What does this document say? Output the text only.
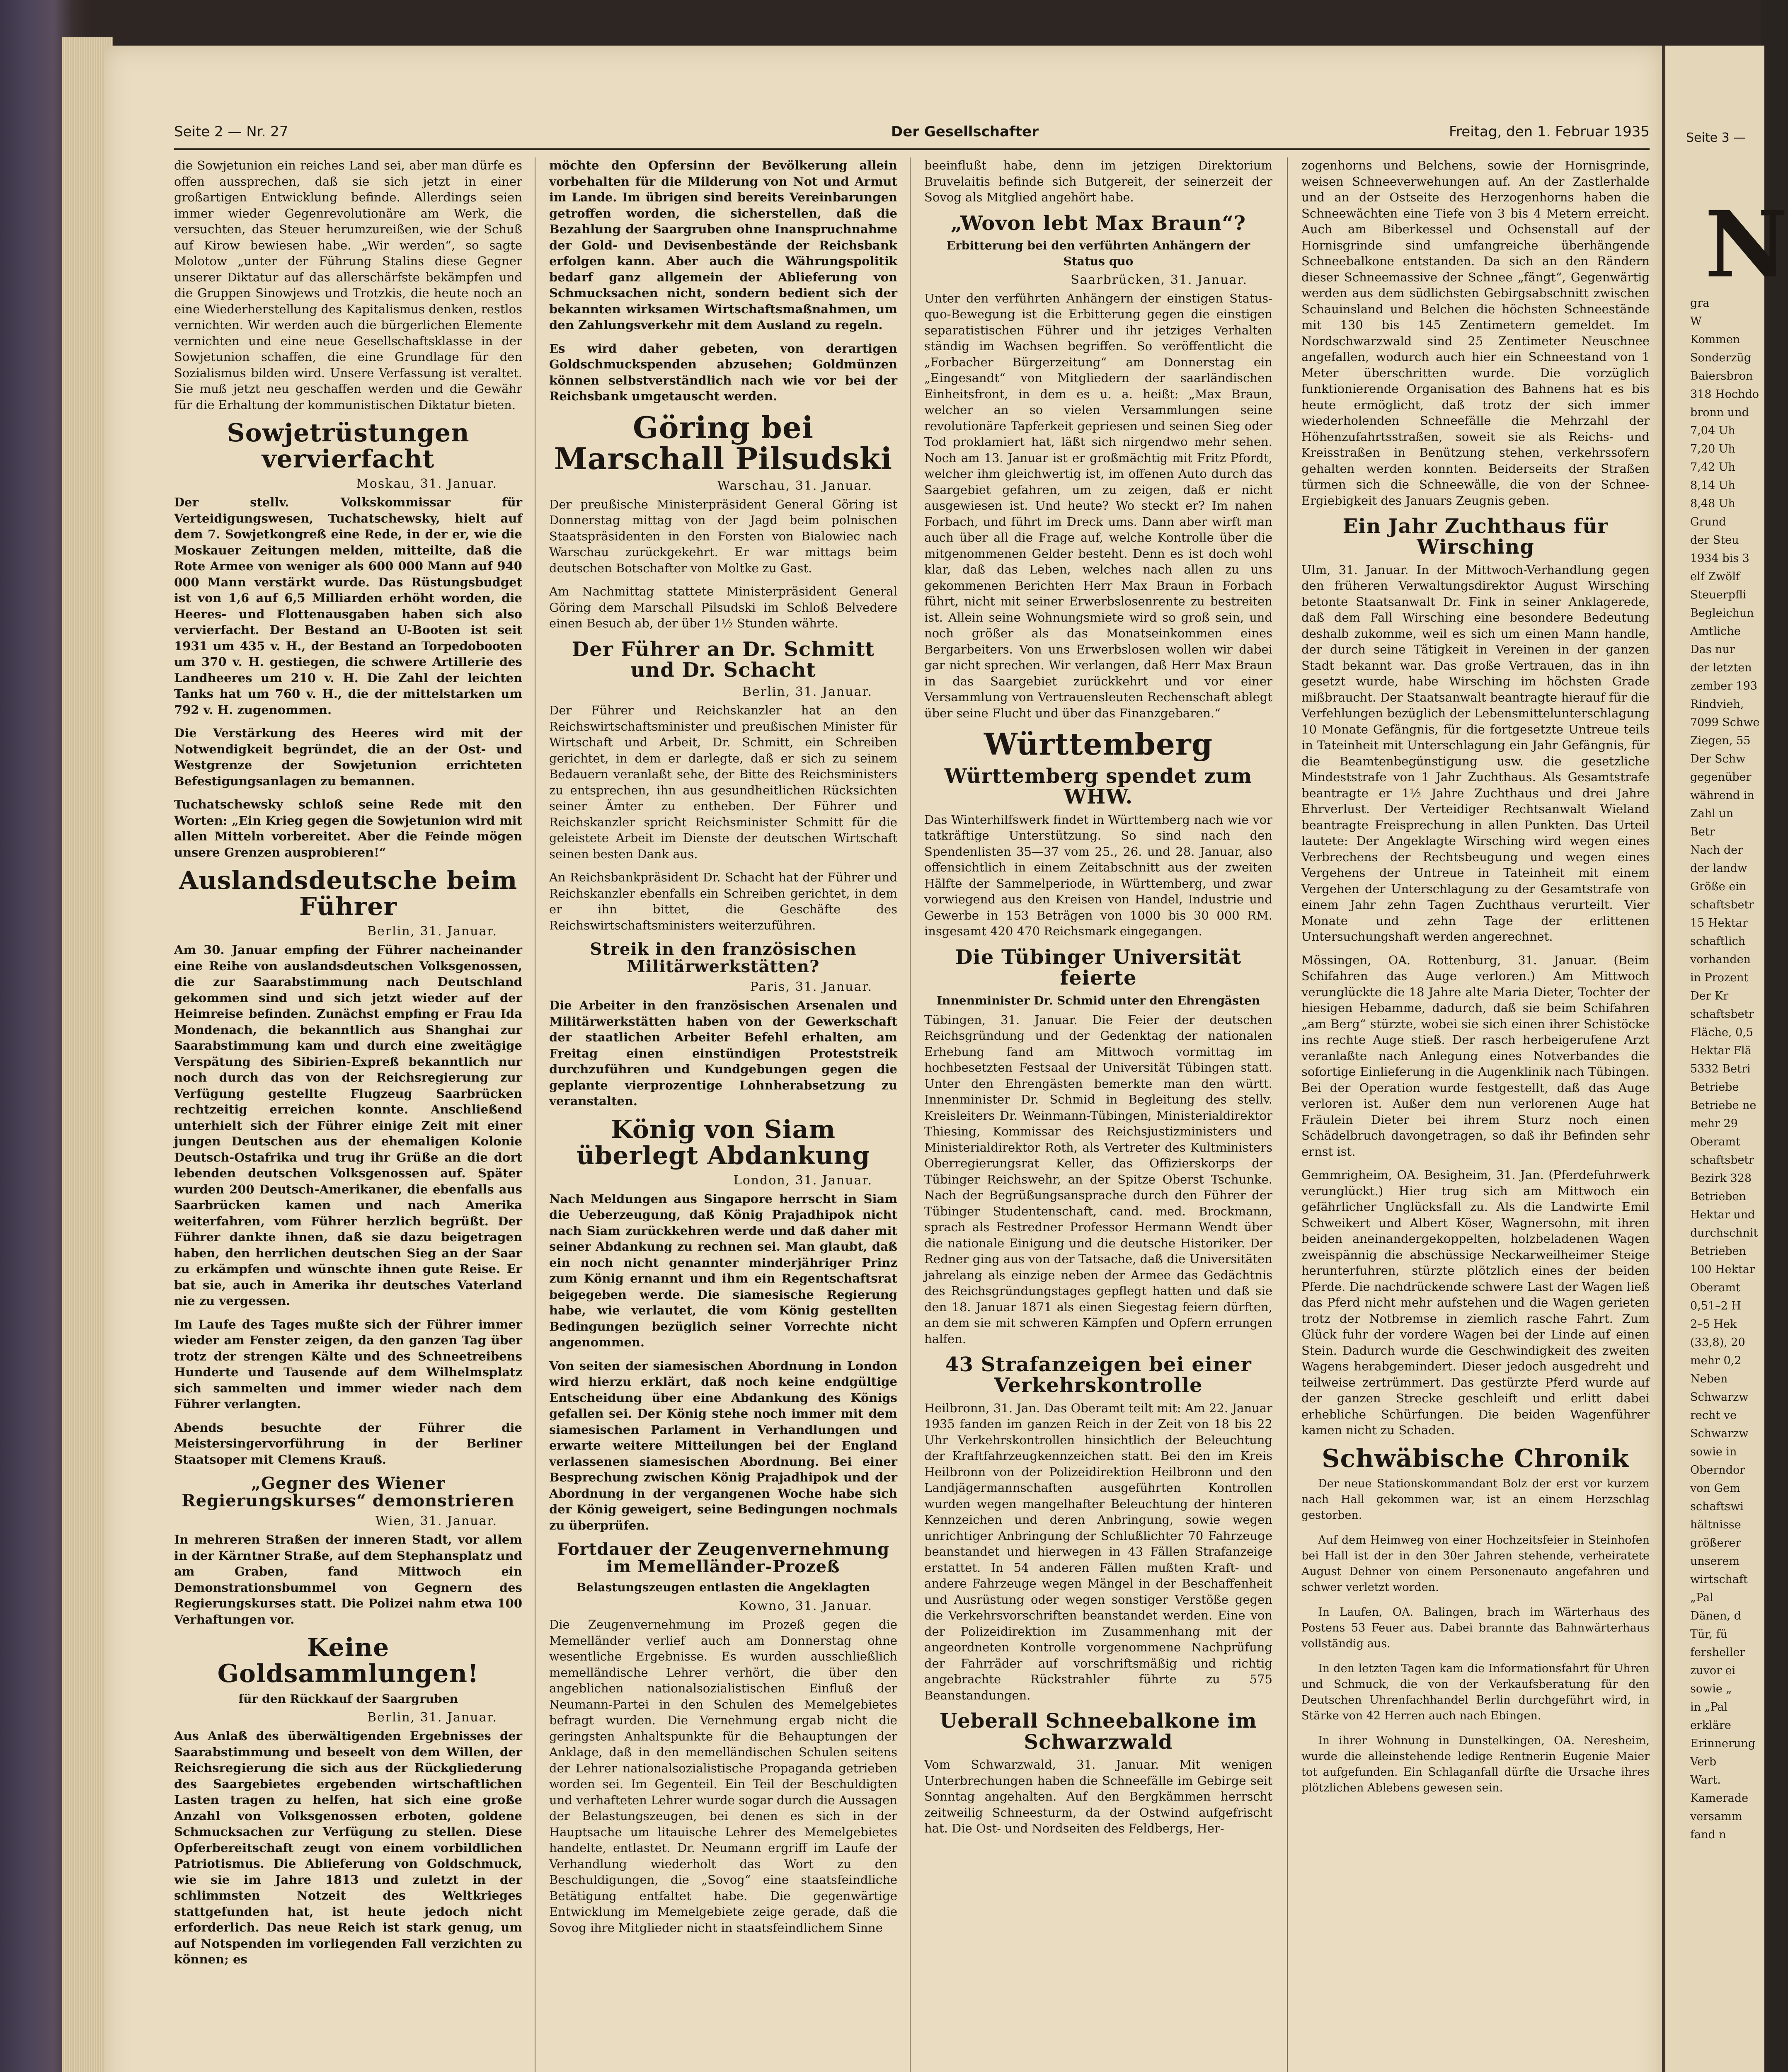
Seite 2 — Nr. 27	Der Gesellschafter	Freitag, den 1. Februar 1935
die Sowjetunion ein reiches Land sei, aber man dürfe es offen aussprechen, daß sie sich jetzt in einer großartigen Entwicklung befinde. Allerdings seien immer wieder Gegenrevolutionäre am Werk, die versuchten, das Steuer herumzureißen, wie der Schuß auf Kirow bewiesen habe. „Wir werden“, so sagte Molotow „unter der Führung Stalins diese Gegner unserer Diktatur auf das allerschärfste bekämpfen und die Gruppen Sinowjews und Trotzkis, die heute noch an eine Wiederherstellung des Kapitalismus denken, restlos vernichten. Wir werden auch die bürgerlichen Elemente vernichten und eine neue Gesellschaftsklasse in der Sowjetunion schaffen, die eine Grundlage für den Sozialismus bilden wird. Unsere Verfassung ist veraltet. Sie muß jetzt neu geschaffen werden und die Gewähr für die Erhaltung der kommunistischen Diktatur bieten.
Sowjetrüstungen vervierfacht
Moskau, 31. Januar.
Der stellv. Volkskommissar für Verteidigungswesen, Tuchatschewsky, hielt auf dem 7. Sowjetkongreß eine Rede, in der er, wie die Moskauer Zeitungen melden, mitteilte, daß die Rote Armee von weniger als 600 000 Mann auf 940 000 Mann verstärkt wurde. Das Rüstungsbudget ist von 1,6 auf 6,5 Milliarden erhöht worden, die Heeres- und Flottenausgaben haben sich also vervierfacht. Der Bestand an U-Booten ist seit 1931 um 435 v. H., der Bestand an Torpedobooten um 370 v. H. gestiegen, die schwere Artillerie des Landheeres um 210 v. H. Die Zahl der leichten Tanks hat um 760 v. H., die der mittelstarken um 792 v. H. zugenommen.
Die Verstärkung des Heeres wird mit der Notwendigkeit begründet, die an der Ost- und Westgrenze der Sowjetunion errichteten Befestigungsanlagen zu bemannen.
Tuchatschewsky schloß seine Rede mit den Worten: „Ein Krieg gegen die Sowjetunion wird mit allen Mitteln vorbereitet. Aber die Feinde mögen unsere Grenzen ausprobieren!“
Auslandsdeutsche beim Führer
Berlin, 31. Januar.
Am 30. Januar empfing der Führer nacheinander eine Reihe von auslandsdeutschen Volksgenossen, die zur Saarabstimmung nach Deutschland gekommen sind und sich jetzt wieder auf der Heimreise befinden. Zunächst empfing er Frau Ida Mondenach, die bekanntlich aus Shanghai zur Saarabstimmung kam und durch eine zweitägige Verspätung des Sibirien-Expreß bekanntlich nur noch durch das von der Reichsregierung zur Verfügung gestellte Flugzeug Saarbrücken rechtzeitig erreichen konnte. Anschließend unterhielt sich der Führer einige Zeit mit einer jungen Deutschen aus der ehemaligen Kolonie Deutsch-Ostafrika und trug ihr Grüße an die dort lebenden deutschen Volksgenossen auf. Später wurden 200 Deutsch-Amerikaner, die ebenfalls aus Saarbrücken kamen und nach Amerika weiterfahren, vom Führer herzlich begrüßt. Der Führer dankte ihnen, daß sie dazu beigetragen haben, den herrlichen deutschen Sieg an der Saar zu erkämpfen und wünschte ihnen gute Reise. Er bat sie, auch in Amerika ihr deutsches Vaterland nie zu vergessen.
Im Laufe des Tages mußte sich der Führer immer wieder am Fenster zeigen, da den ganzen Tag über trotz der strengen Kälte und des Schneetreibens Hunderte und Tausende auf dem Wilhelmsplatz sich sammelten und immer wieder nach dem Führer verlangten.
Abends besuchte der Führer die Meistersingervorführung in der Berliner Staatsoper mit Clemens Krauß.
„Gegner des Wiener Regierungskurses“ demonstrieren
Wien, 31. Januar.
In mehreren Straßen der inneren Stadt, vor allem in der Kärntner Straße, auf dem Stephansplatz und am Graben, fand Mittwoch ein Demonstrationsbummel von Gegnern des Regierungskurses statt. Die Polizei nahm etwa 100 Verhaftungen vor.
Keine Goldsammlungen!
für den Rückkauf der Saargruben
Berlin, 31. Januar.
Aus Anlaß des überwältigenden Ergebnisses der Saarabstimmung und beseelt von dem Willen, der Reichsregierung die sich aus der Rückgliederung des Saargebietes ergebenden wirtschaftlichen Lasten tragen zu helfen, hat sich eine große Anzahl von Volksgenossen erboten, goldene Schmucksachen zur Verfügung zu stellen. Diese Opferbereitschaft zeugt von einem vorbildlichen Patriotismus. Die Ablieferung von Goldschmuck, wie sie im Jahre 1813 und zuletzt in der schlimmsten Notzeit des Weltkrieges stattgefunden hat, ist heute jedoch nicht erforderlich. Das neue Reich ist stark genug, um auf Notspenden im vorliegenden Fall verzichten zu können; es
möchte den Opfersinn der Bevölkerung allein vorbehalten für die Milderung von Not und Armut im Lande. Im übrigen sind bereits Vereinbarungen getroffen worden, die sicherstellen, daß die Bezahlung der Saargruben ohne Inanspruchnahme der Gold- und Devisenbestände der Reichsbank erfolgen kann. Aber auch die Währungspolitik bedarf ganz allgemein der Ablieferung von Schmucksachen nicht, sondern bedient sich der bekannten wirksamen Wirtschaftsmaßnahmen, um den Zahlungsverkehr mit dem Ausland zu regeln.
Es wird daher gebeten, von derartigen Goldschmuckspenden abzusehen; Goldmünzen können selbstverständlich nach wie vor bei der Reichsbank umgetauscht werden.
Göring bei Marschall Pilsudski
Warschau, 31. Januar.
Der preußische Ministerpräsident General Göring ist Donnerstag mittag von der Jagd beim polnischen Staatspräsidenten in den Forsten von Bialowiec nach Warschau zurückgekehrt. Er war mittags beim deutschen Botschafter von Moltke zu Gast.
Am Nachmittag stattete Ministerpräsident General Göring dem Marschall Pilsudski im Schloß Belvedere einen Besuch ab, der über 1½ Stunden währte.
Der Führer an Dr. Schmitt und Dr. Schacht
Berlin, 31. Januar.
Der Führer und Reichskanzler hat an den Reichswirtschaftsminister und preußischen Minister für Wirtschaft und Arbeit, Dr. Schmitt, ein Schreiben gerichtet, in dem er darlegte, daß er sich zu seinem Bedauern veranlaßt sehe, der Bitte des Reichsministers zu entsprechen, ihn aus gesundheitlichen Rücksichten seiner Ämter zu entheben. Der Führer und Reichskanzler spricht Reichsminister Schmitt für die geleistete Arbeit im Dienste der deutschen Wirtschaft seinen besten Dank aus.
An Reichsbankpräsident Dr. Schacht hat der Führer und Reichskanzler ebenfalls ein Schreiben gerichtet, in dem er ihn bittet, die Geschäfte des Reichswirtschaftsministers weiterzuführen.
Streik in den französischen Militärwerkstätten?
Paris, 31. Januar.
Die Arbeiter in den französischen Arsenalen und Militärwerkstätten haben von der Gewerkschaft der staatlichen Arbeiter Befehl erhalten, am Freitag einen einstündigen Proteststreik durchzuführen und Kundgebungen gegen die geplante vierprozentige Lohnherabsetzung zu veranstalten.
König von Siam überlegt Abdankung
London, 31. Januar.
Nach Meldungen aus Singapore herrscht in Siam die Ueberzeugung, daß König Prajadhipok nicht nach Siam zurückkehren werde und daß daher mit seiner Abdankung zu rechnen sei. Man glaubt, daß ein noch nicht genannter minderjähriger Prinz zum König ernannt und ihm ein Regentschaftsrat beigegeben werde. Die siamesische Regierung habe, wie verlautet, die vom König gestellten Bedingungen bezüglich seiner Vorrechte nicht angenommen.
Von seiten der siamesischen Abordnung in London wird hierzu erklärt, daß noch keine endgültige Entscheidung über eine Abdankung des Königs gefallen sei. Der König stehe noch immer mit dem siamesischen Parlament in Verhandlungen und erwarte weitere Mitteilungen bei der England verlassenen siamesischen Abordnung. Bei einer Besprechung zwischen König Prajadhipok und der Abordnung in der vergangenen Woche habe sich der König geweigert, seine Bedingungen nochmals zu überprüfen.
Fortdauer der Zeugenvernehmung im Memelländer-Prozeß
Belastungszeugen entlasten die Angeklagten
Kowno, 31. Januar.
Die Zeugenvernehmung im Prozeß gegen die Memelländer verlief auch am Donnerstag ohne wesentliche Ergebnisse. Es wurden ausschließlich memelländische Lehrer verhört, die über den angeblichen nationalsozialistischen Einfluß der Neumann-Partei in den Schulen des Memelgebietes befragt wurden. Die Vernehmung ergab nicht die geringsten Anhaltspunkte für die Behauptungen der Anklage, daß in den memelländischen Schulen seitens der Lehrer nationalsozialistische Propaganda getrieben worden sei. Im Gegenteil. Ein Teil der Beschuldigten und verhafteten Lehrer wurde sogar durch die Aussagen der Belastungszeugen, bei denen es sich in der Hauptsache um litauische Lehrer des Memelgebietes handelte, entlastet. Dr. Neumann ergriff im Laufe der Verhandlung wiederholt das Wort zu den Beschuldigungen, die „Sovog“ eine staatsfeindliche Betätigung entfaltet habe. Die gegenwärtige Entwicklung im Memelgebiete zeige gerade, daß die Sovog ihre Mitglieder nicht in staatsfeindlichem Sinne
beeinflußt habe, denn im jetzigen Direktorium Bruvelaitis befinde sich Butgereit, der seinerzeit der Sovog als Mitglied angehört habe.
„Wovon lebt Max Braun“?
Erbitterung bei den verführten Anhängern der Status quo
Saarbrücken, 31. Januar.
Unter den verführten Anhängern der einstigen Status-quo-Bewegung ist die Erbitterung gegen die einstigen separatistischen Führer und ihr jetziges Verhalten ständig im Wachsen begriffen. So veröffentlicht die „Forbacher Bürgerzeitung“ am Donnerstag ein „Eingesandt“ von Mitgliedern der saarländischen Einheitsfront, in dem es u. a. heißt: „Max Braun, welcher an so vielen Versammlungen seine revolutionäre Tapferkeit gepriesen und seinen Sieg oder Tod proklamiert hat, läßt sich nirgendwo mehr sehen. Noch am 13. Januar ist er großmächtig mit Fritz Pfordt, welcher ihm gleichwertig ist, im offenen Auto durch das Saargebiet gefahren, um zu zeigen, daß er nicht ausgewiesen ist. Und heute? Wo steckt er? Im nahen Forbach, und führt im Dreck ums. Dann aber wirft man auch über all die Frage auf, welche Kontrolle über die mitgenommenen Gelder besteht. Denn es ist doch wohl klar, daß das Leben, welches nach allen zu uns gekommenen Berichten Herr Max Braun in Forbach führt, nicht mit seiner Erwerbslosenrente zu bestreiten ist. Allein seine Wohnungsmiete wird so groß sein, und noch größer als das Monatseinkommen eines Bergarbeiters. Von uns Erwerbslosen wollen wir dabei gar nicht sprechen. Wir verlangen, daß Herr Max Braun in das Saargebiet zurückkehrt und vor einer Versammlung von Vertrauensleuten Rechenschaft ablegt über seine Flucht und über das Finanzgebaren.“
Württemberg
Württemberg spendet zum WHW.
Das Winterhilfswerk findet in Württemberg nach wie vor tatkräftige Unterstützung. So sind nach den Spendenlisten 35—37 vom 25., 26. und 28. Januar, also offensichtlich in einem Zeitabschnitt aus der zweiten Hälfte der Sammelperiode, in Württemberg, und zwar vorwiegend aus den Kreisen von Handel, Industrie und Gewerbe in 153 Beträgen von 1000 bis 30 000 RM. insgesamt 420 470 Reichsmark eingegangen.
Die Tübinger Universität feierte
Innenminister Dr. Schmid unter den Ehrengästen
Tübingen, 31. Januar. Die Feier der deutschen Reichsgründung und der Gedenktag der nationalen Erhebung fand am Mittwoch vormittag im hochbesetzten Festsaal der Universität Tübingen statt. Unter den Ehrengästen bemerkte man den württ. Innenminister Dr. Schmid in Begleitung des stellv. Kreisleiters Dr. Weinmann-Tübingen, Ministerialdirektor Thiesing, Kommissar des Reichsjustizministers und Ministerialdirektor Roth, als Vertreter des Kultministers Oberregierungsrat Keller, das Offizierskorps der Tübinger Reichswehr, an der Spitze Oberst Tschunke. Nach der Begrüßungsansprache durch den Führer der Tübinger Studentenschaft, cand. med. Brockmann, sprach als Festredner Professor Hermann Wendt über die nationale Einigung und die deutsche Historiker. Der Redner ging aus von der Tatsache, daß die Universitäten jahrelang als einzige neben der Armee das Gedächtnis des Reichsgründungstages gepflegt hatten und daß sie den 18. Januar 1871 als einen Siegestag feiern dürften, an dem sie mit schweren Kämpfen und Opfern errungen halfen.
43 Strafanzeigen bei einer Verkehrskontrolle
Heilbronn, 31. Jan. Das Oberamt teilt mit: Am 22. Januar 1935 fanden im ganzen Reich in der Zeit von 18 bis 22 Uhr Verkehrskontrollen hinsichtlich der Beleuchtung der Kraftfahrzeugkennzeichen statt. Bei den im Kreis Heilbronn von der Polizeidirektion Heilbronn und den Landjägermannschaften ausgeführten Kontrollen wurden wegen mangelhafter Beleuchtung der hinteren Kennzeichen und deren Anbringung, sowie wegen unrichtiger Anbringung der Schlußlichter 70 Fahrzeuge beanstandet und hierwegen in 43 Fällen Strafanzeige erstattet. In 54 anderen Fällen mußten Kraft- und andere Fahrzeuge wegen Mängel in der Beschaffenheit und Ausrüstung oder wegen sonstiger Verstöße gegen die Verkehrsvorschriften beanstandet werden. Eine von der Polizeidirektion im Zusammenhang mit der angeordneten Kontrolle vorgenommene Nachprüfung der Fahrräder auf vorschriftsmäßig und richtig angebrachte Rückstrahler führte zu 575 Beanstandungen.
Ueberall Schneebalkone im Schwarzwald
Vom Schwarzwald, 31. Januar. Mit wenigen Unterbrechungen haben die Schneefälle im Gebirge seit Sonntag angehalten. Auf den Bergkämmen herrscht zeitweilig Schneesturm, da der Ostwind aufgefrischt hat. Die Ost- und Nordseiten des Feldbergs, Her-
zogenhorns und Belchens, sowie der Hornisgrinde, weisen Schneeverwehungen auf. An der Zastlerhalde und an der Ostseite des Herzogenhorns haben die Schneewächten eine Tiefe von 3 bis 4 Metern erreicht. Auch am Biberkessel und Ochsenstall auf der Hornisgrinde sind umfangreiche überhängende Schneebalkone entstanden. Da sich an den Rändern dieser Schneemassive der Schnee „fängt“, Gegenwärtig werden aus dem südlichsten Gebirgsabschnitt zwischen Schauinsland und Belchen die höchsten Schneestände mit 130 bis 145 Zentimetern gemeldet. Im Nordschwarzwald sind 25 Zentimeter Neuschnee angefallen, wodurch auch hier ein Schneestand von 1 Meter überschritten wurde. Die vorzüglich funktionierende Organisation des Bahnens hat es bis heute ermöglicht, daß trotz der sich immer wiederholenden Schneefälle die Mehrzahl der Höhenzufahrtsstraßen, soweit sie als Reichs- und Kreisstraßen in Benützung stehen, verkehrssofern gehalten werden konnten. Beiderseits der Straßen türmen sich die Schneewälle, die von der Schnee-Ergiebigkeit des Januars Zeugnis geben.
Ein Jahr Zuchthaus für Wirsching
Ulm, 31. Januar. In der Mittwoch-Verhandlung gegen den früheren Verwaltungsdirektor August Wirsching betonte Staatsanwalt Dr. Fink in seiner Anklagerede, daß dem Fall Wirsching eine besondere Bedeutung deshalb zukomme, weil es sich um einen Mann handle, der durch seine Tätigkeit in Vereinen in der ganzen Stadt bekannt war. Das große Vertrauen, das in ihn gesetzt wurde, habe Wirsching im höchsten Grade mißbraucht. Der Staatsanwalt beantragte hierauf für die Verfehlungen bezüglich der Lebensmittelunterschlagung 10 Monate Gefängnis, für die fortgesetzte Untreue teils in Tateinheit mit Unterschlagung ein Jahr Gefängnis, für die Beamtenbegünstigung usw. die gesetzliche Mindeststrafe von 1 Jahr Zuchthaus. Als Gesamtstrafe beantragte er 1½ Jahre Zuchthaus und drei Jahre Ehrverlust. Der Verteidiger Rechtsanwalt Wieland beantragte Freisprechung in allen Punkten. Das Urteil lautete: Der Angeklagte Wirsching wird wegen eines Verbrechens der Rechtsbeugung und wegen eines Vergehens der Untreue in Tateinheit mit einem Vergehen der Unterschlagung zu der Gesamtstrafe von einem Jahr zehn Tagen Zuchthaus verurteilt. Vier Monate und zehn Tage der erlittenen Untersuchungshaft werden angerechnet.
Mössingen, OA. Rottenburg, 31. Januar. (Beim Schifahren das Auge verloren.) Am Mittwoch verunglückte die 18 Jahre alte Maria Dieter, Tochter der hiesigen Hebamme, dadurch, daß sie beim Schifahren „am Berg“ stürzte, wobei sie sich einen ihrer Schistöcke ins rechte Auge stieß. Der rasch herbeigerufene Arzt veranlaßte nach Anlegung eines Notverbandes die sofortige Einlieferung in die Augenklinik nach Tübingen. Bei der Operation wurde festgestellt, daß das Auge verloren ist. Außer dem nun verlorenen Auge hat Fräulein Dieter bei ihrem Sturz noch einen Schädelbruch davongetragen, so daß ihr Befinden sehr ernst ist.
Gemmrigheim, OA. Besigheim, 31. Jan. (Pferdefuhrwerk verunglückt.) Hier trug sich am Mittwoch ein gefährlicher Unglücksfall zu. Als die Landwirte Emil Schweikert und Albert Köser, Wagnersohn, mit ihren beiden aneinandergekoppelten, holzbeladenen Wagen zweispännig die abschüssige Neckarweilheimer Steige herunterfuhren, stürzte plötzlich eines der beiden Pferde. Die nachdrückende schwere Last der Wagen ließ das Pferd nicht mehr aufstehen und die Wagen gerieten trotz der Notbremse in ziemlich rasche Fahrt. Zum Glück fuhr der vordere Wagen bei der Linde auf einen Stein. Dadurch wurde die Geschwindigkeit des zweiten Wagens herabgemindert. Dieser jedoch ausgedreht und teilweise zertrümmert. Das gestürzte Pferd wurde auf der ganzen Strecke geschleift und erlitt dabei erhebliche Schürfungen. Die beiden Wagenführer kamen nicht zu Schaden.
Schwäbische Chronik
Der neue Stationskommandant Bolz der erst vor kurzem nach Hall gekommen war, ist an einem Herzschlag gestorben.
Auf dem Heimweg von einer Hochzeitsfeier in Steinhofen bei Hall ist der in den 30er Jahren stehende, verheiratete August Dehner von einem Personenauto angefahren und schwer verletzt worden.
In Laufen, OA. Balingen, brach im Wärterhaus des Postens 53 Feuer aus. Dabei brannte das Bahnwärterhaus vollständig aus.
In den letzten Tagen kam die Informationsfahrt für Uhren und Schmuck, die von der Verkaufsberatung für den Deutschen Uhrenfachhandel Berlin durchgeführt wird, in Stärke von 42 Herren auch nach Ebingen.
In ihrer Wohnung in Dunstelkingen, OA. Neresheim, wurde die alleinstehende ledige Rentnerin Eugenie Maier tot aufgefunden. Ein Schlaganfall dürfte die Ursache ihres plötzlichen Ablebens gewesen sein.
Seite 3 —
N
gra
W
Kommen
Sonderzüg
Baiersbron
318 Hochdo
bronn und
7,04 Uh
7,20 Uh
7,42 Uh
8,14 Uh
8,48 Uh
Grund
der Steu
1934 bis 3
elf Zwölf
Steuerpfli
Begleichun
Amtliche
Das nur
der letzten
zember 193
Rindvieh,
7099 Schwe
Ziegen, 55
Der Schw
gegenüber
während in
Zahl un
Betr
Nach der
der landw
Größe ein
schaftsbetr
15 Hektar
schaftlich
vorhanden
in Prozent
Der Kr
schaftsbetr
Fläche, 0,5
Hektar Flä
5332 Betri
Betriebe
Betriebe ne
mehr 29
Oberamt
schaftsbetr
Bezirk 328
Betrieben
Hektar und
durchschnit
Betrieben
100 Hektar
Oberamt
0,51–2 H
2–5 Hek
(33,8), 20
mehr 0,2
Neben
Schwarzw
recht ve
Schwarzw
sowie in
Oberndor
von Gem
schaftswi
hältnisse
größerer
unserem
wirtschaft
„Pal
Dänen, d
Tür, fü
fersheller
zuvor ei
sowie „
in „Pal
erkläre
Erinnerung
Verb
Wart.
Kamerade
versamm
fand n
